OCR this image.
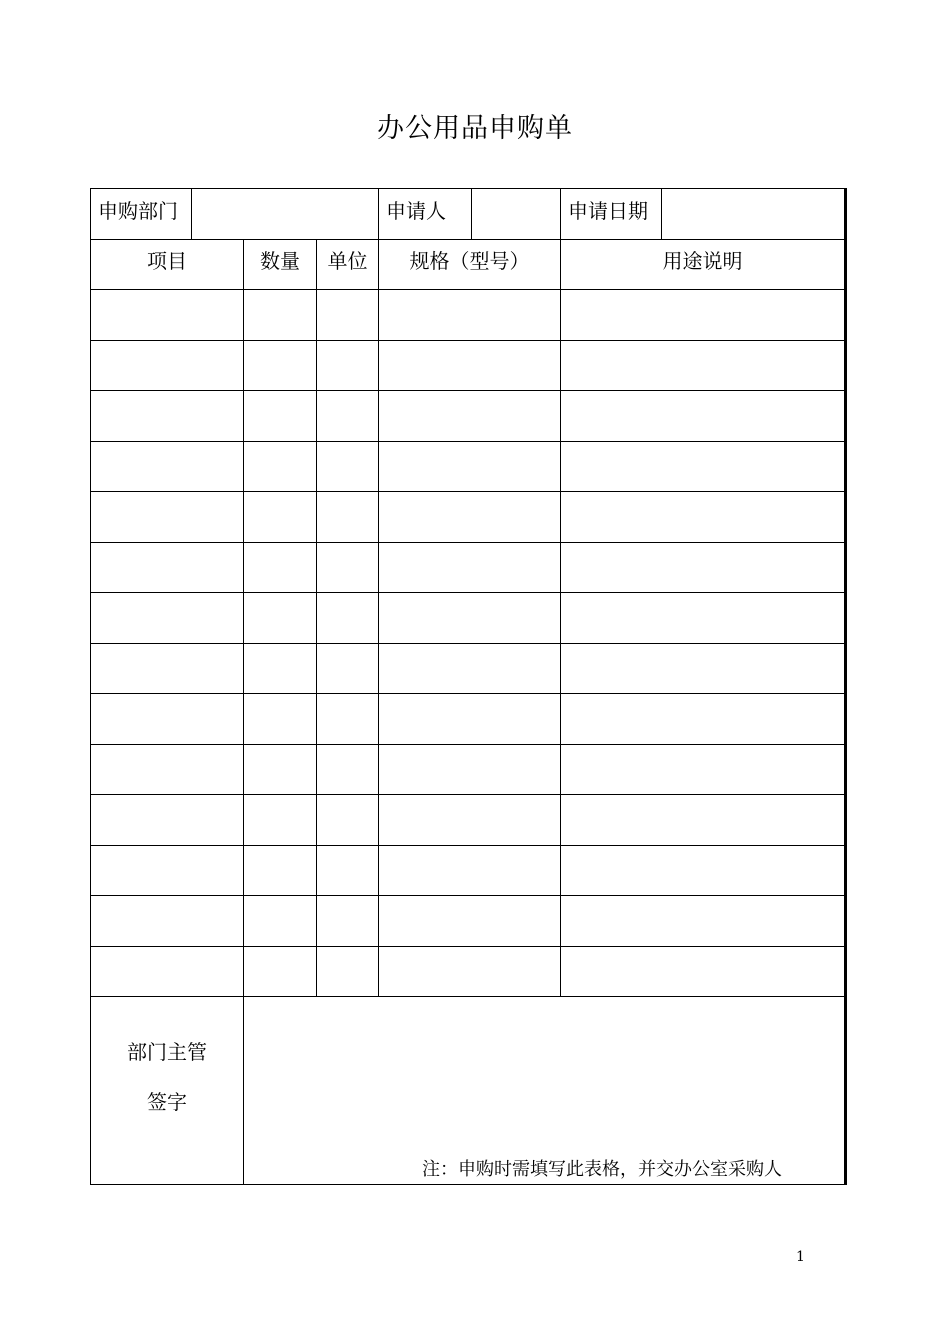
办公用品申购单
申购部门				申请人		申请日期	
项目		数量	单位	规格（型号）		用途说明	

部门主管
签字							

注：申购时需填写此表格，并交办公室采购人
1
